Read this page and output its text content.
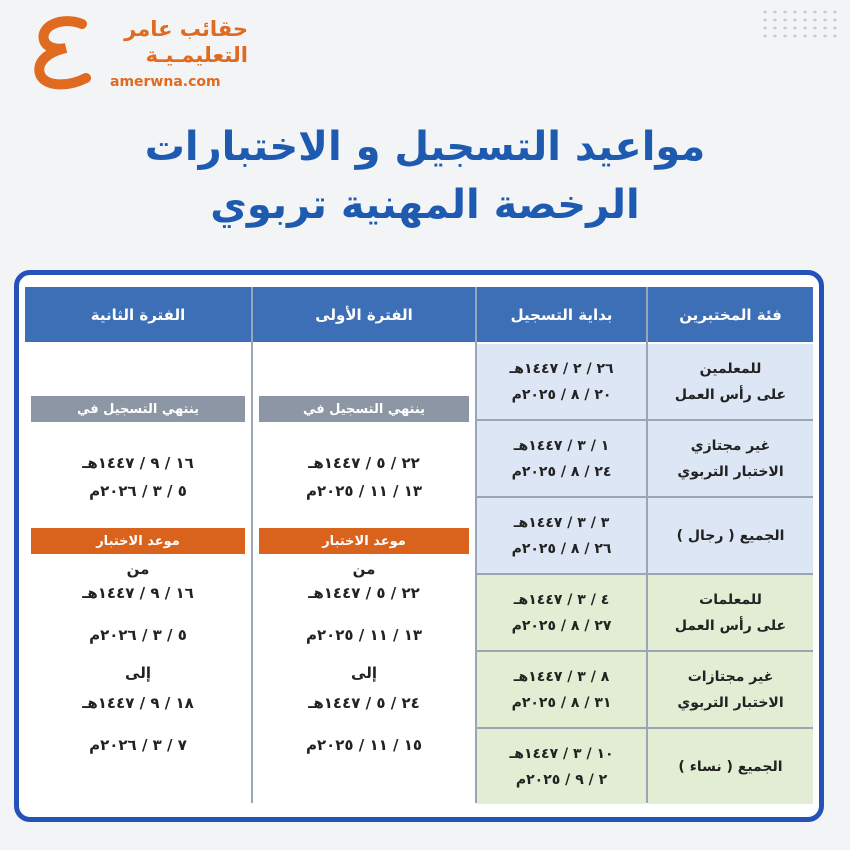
حقائب عامر
التعليمـيـة
amerwna.com
مواعيد التسجيل و الاختبارات
الرخصة المهنية تربوي
فئة المختبرين
للمعلمين
على رأس العمل
غير مجتازي
الاختبار التربوي
الجميع ( رجال )
للمعلمات
على رأس العمل
غير مجتازات
الاختبار التربوي
الجميع ( نساء )
بداية التسجيل
٢٦ / ٢ / ١٤٤٧هـ
٢٠ / ٨ / ٢٠٢٥م
١ / ٣ / ١٤٤٧هـ
٢٤ / ٨ / ٢٠٢٥م
٣ / ٣ / ١٤٤٧هـ
٢٦ / ٨ / ٢٠٢٥م
٤ / ٣ / ١٤٤٧هـ
٢٧ / ٨ / ٢٠٢٥م
٨ / ٣ / ١٤٤٧هـ
٣١ / ٨ / ٢٠٢٥م
١٠ / ٣ / ١٤٤٧هـ
٢ / ٩ / ٢٠٢٥م
الفترة الأولى
ينتهي التسجيل في
٢٢ / ٥ / ١٤٤٧هـ
١٣ / ١١ / ٢٠٢٥م
موعد الاختبار
من
٢٢ / ٥ / ١٤٤٧هـ
١٣ / ١١ / ٢٠٢٥م
إلى
٢٤ / ٥ / ١٤٤٧هـ
١٥ / ١١ / ٢٠٢٥م
الفترة الثانية
ينتهي التسجيل في
١٦ / ٩ / ١٤٤٧هـ
٥ / ٣ / ٢٠٢٦م
موعد الاختبار
من
١٦ / ٩ / ١٤٤٧هـ
٥ / ٣ / ٢٠٢٦م
إلى
١٨ / ٩ / ١٤٤٧هـ
٧ / ٣ / ٢٠٢٦م
